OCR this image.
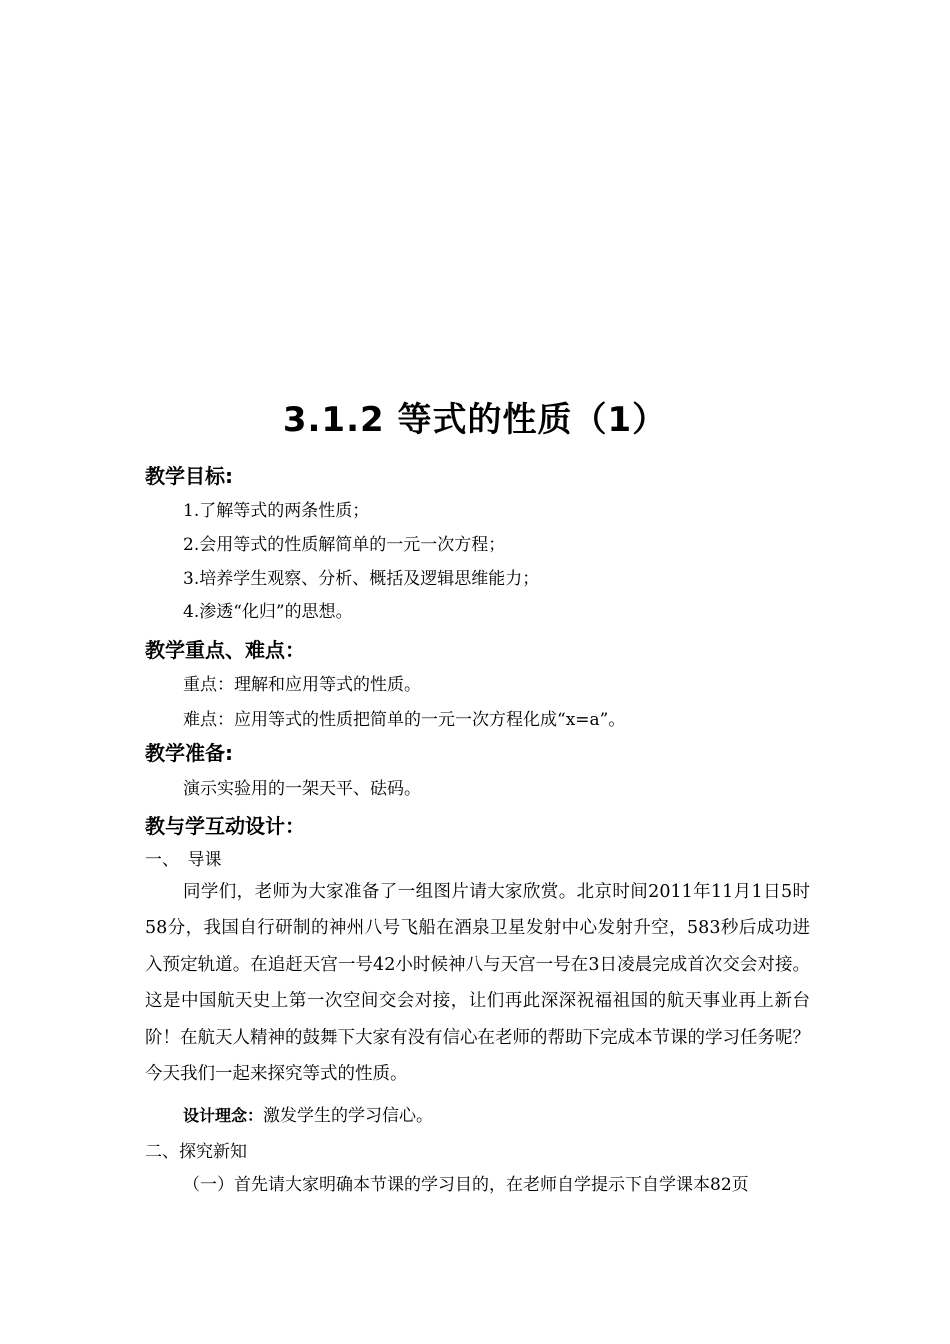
3.1.2 等式的性质（1）
教学目标:
1.了解等式的两条性质；
2.会用等式的性质解简单的一元一次方程；
3.培养学生观察、分析、概括及逻辑思维能力；
4.渗透“化归”的思想。
教学重点、难点：
重点：理解和应用等式的性质。
难点：应用等式的性质把简单的一元一次方程化成“x=a”。
教学准备:
演示实验用的一架天平、砝码。
教与学互动设计：
一、　导课
同学们，老师为大家准备了一组图片请大家欣赏。北京时间2011年11月1日5时58分，我国自行研制的神州八号飞船在酒泉卫星发射中心发射升空，583秒后成功进入预定轨道。在追赶天宫一号42小时候神八与天宫一号在3日凌晨完成首次交会对接。这是中国航天史上第一次空间交会对接，让们再此深深祝福祖国的航天事业再上新台阶！在航天人精神的鼓舞下大家有没有信心在老师的帮助下完成本节课的学习任务呢？今天我们一起来探究等式的性质。
设计理念：激发学生的学习信心。
二、探究新知
（一）首先请大家明确本节课的学习目的，在老师自学提示下自学课本82页
